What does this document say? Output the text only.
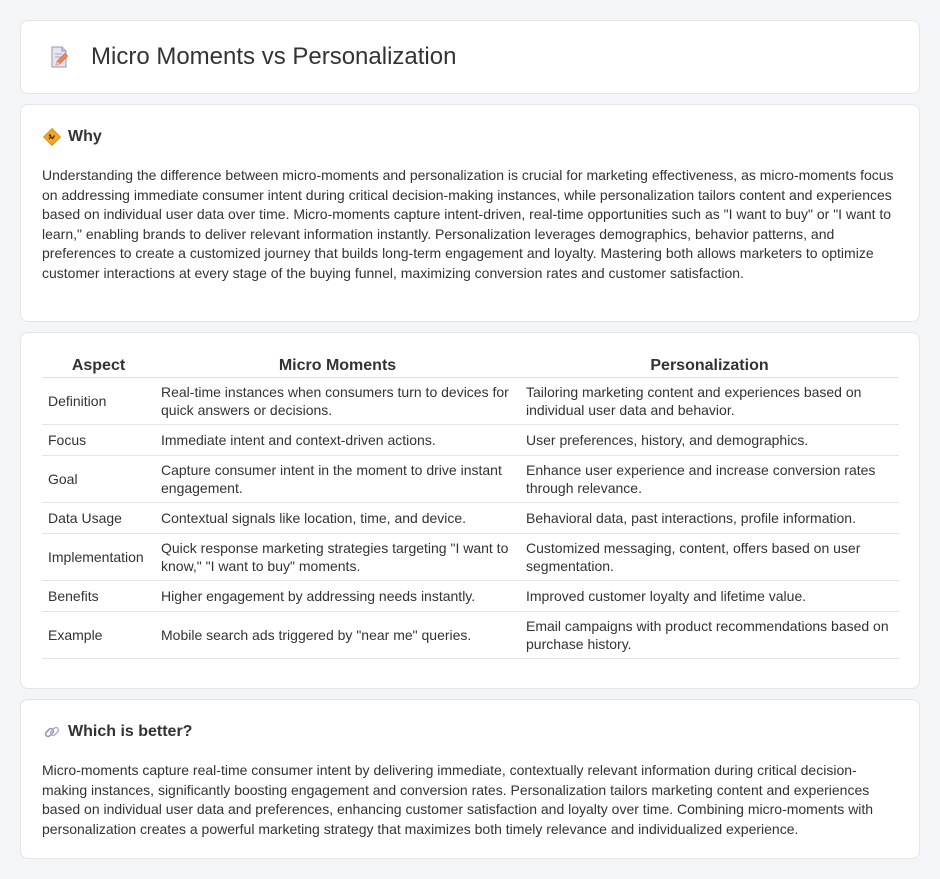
Micro Moments vs Personalization
Why

Understanding the difference between micro-moments and personalization is crucial for marketing effectiveness, as micro-moments focus on addressing immediate consumer intent during critical decision-making instances, while personalization tailors content and experiences based on individual user data over time. Micro-moments capture intent-driven, real-time opportunities such as "I want to buy" or "I want to learn," enabling brands to deliver relevant information instantly. Personalization leverages demographics, behavior patterns, and preferences to create a customized journey that builds long-term engagement and loyalty. Mastering both allows marketers to optimize customer interactions at every stage of the buying funnel, maximizing conversion rates and customer satisfaction.

Aspect	Micro Moments	Personalization
Definition	Real-time instances when consumers turn to devices for quick answers or decisions.	Tailoring marketing content and experiences based on individual user data and behavior.
Focus	Immediate intent and context-driven actions.	User preferences, history, and demographics.
Goal	Capture consumer intent in the moment to drive instant engagement.	Enhance user experience and increase conversion rates through relevance.
Data Usage	Contextual signals like location, time, and device.	Behavioral data, past interactions, profile information.
Implementation	Quick response marketing strategies targeting "I want to know," "I want to buy" moments.	Customized messaging, content, offers based on user segmentation.
Benefits	Higher engagement by addressing needs instantly.	Improved customer loyalty and lifetime value.
Example	Mobile search ads triggered by "near me" queries.	Email campaigns with product recommendations based on purchase history.
Which is better?

Micro-moments capture real-time consumer intent by delivering immediate, contextually relevant information during critical decision-making instances, significantly boosting engagement and conversion rates. Personalization tailors marketing content and experiences based on individual user data and preferences, enhancing customer satisfaction and loyalty over time. Combining micro-moments with personalization creates a powerful marketing strategy that maximizes both timely relevance and individualized experience.
